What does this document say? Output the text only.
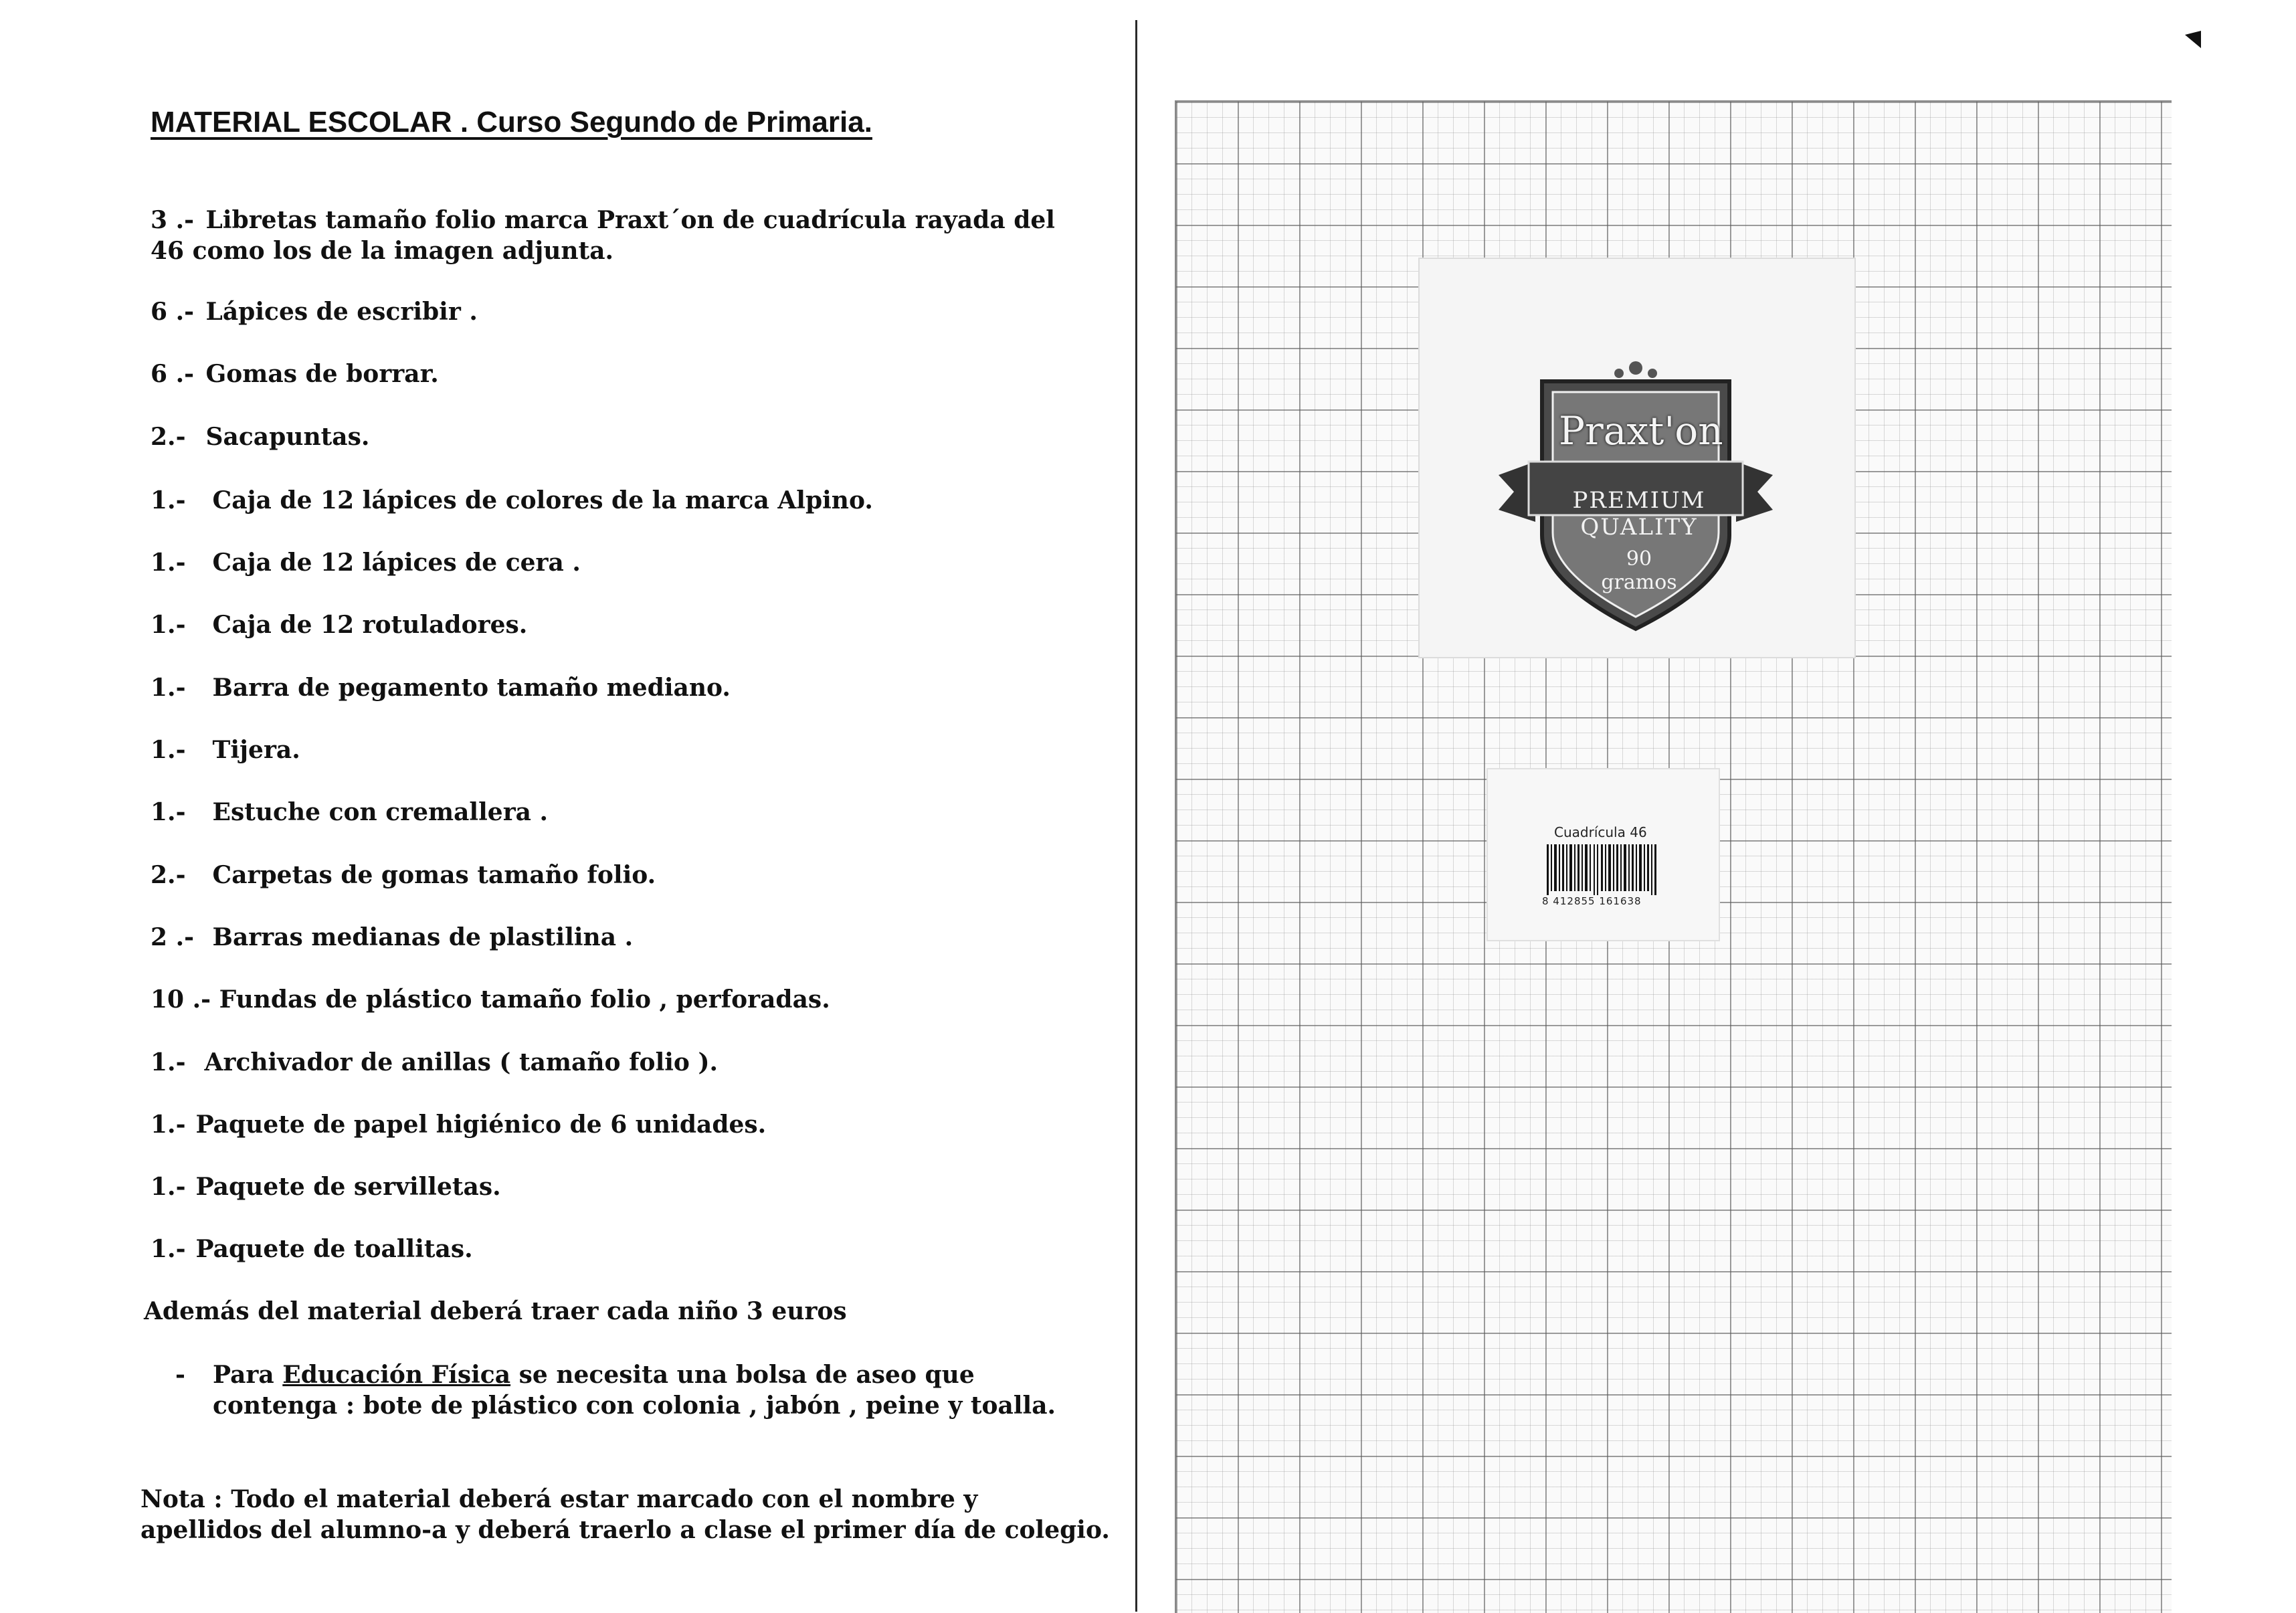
MATERIAL ESCOLAR . Curso Segundo de Primaria.
3 .- Libretas tamaño folio marca Praxt´on de cuadrícula rayada del
46 como los de la imagen adjunta.
6 .- Lápices de escribir .
6 .- Gomas de borrar.
2.- Sacapuntas.
1.- Caja de 12 lápices de colores de la marca Alpino.
1.- Caja de 12 lápices de cera .
1.- Caja de 12 rotuladores.
1.- Barra de pegamento tamaño mediano.
1.- Tijera.
1.- Estuche con cremallera .
2.- Carpetas de gomas tamaño folio.
2 .- Barras medianas de plastilina .
10 .- Fundas de plástico tamaño folio , perforadas.
1.- Archivador de anillas ( tamaño folio ).
1.- Paquete de papel higiénico de 6 unidades.
1.- Paquete de servilletas.
1.- Paquete de toallitas.
Además del material deberá traer cada niño 3 euros
- Para Educación Física se necesita una bolsa de aseo que
contenga : bote de plástico con colonia , jabón , peine y toalla.
Nota : Todo el material deberá estar marcado con el nombre y
apellidos del alumno-a y deberá traerlo a clase el primer día de colegio.
Praxt'on
PREMIUM QUALITY
90 gramos
Cuadrícula 46
8 412855 161638
